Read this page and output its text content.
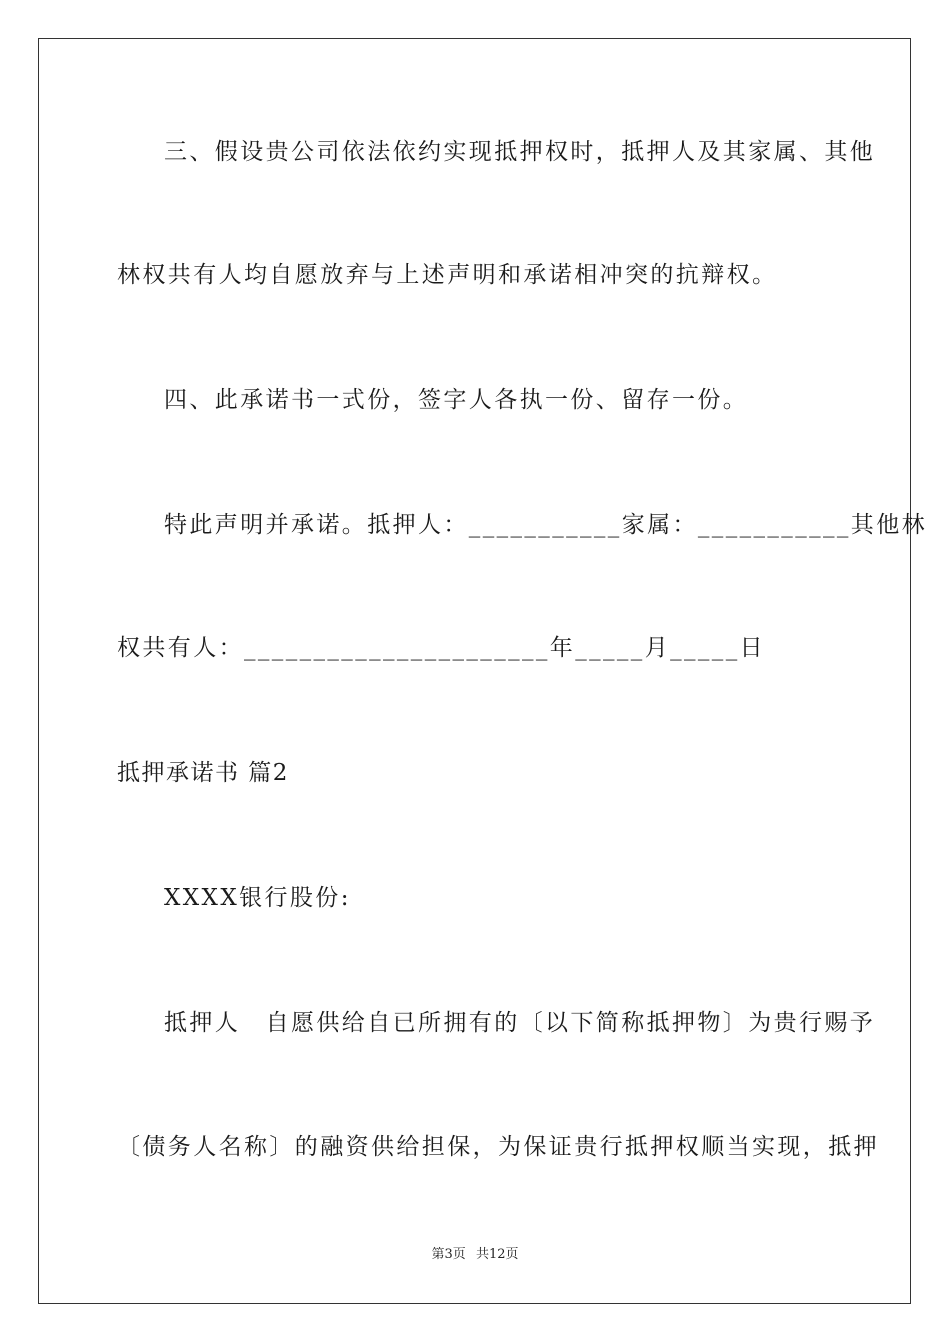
三、假设贵公司依法依约实现抵押权时，抵押人及其家属、其他
林权共有人均自愿放弃与上述声明和承诺相冲突的抗辩权。
四、此承诺书一式份，签字人各执一份、留存一份。
特此声明并承诺。抵押人：___________家属：___________其他林
权共有人：______________________年_____月_____日
抵押承诺书 篇2
XXXX银行股份:
抵押人　自愿供给自已所拥有的〔以下简称抵押物〕为贵行赐予
〔债务人名称〕的融资供给担保，为保证贵行抵押权顺当实现，抵押
第3页 共12页
